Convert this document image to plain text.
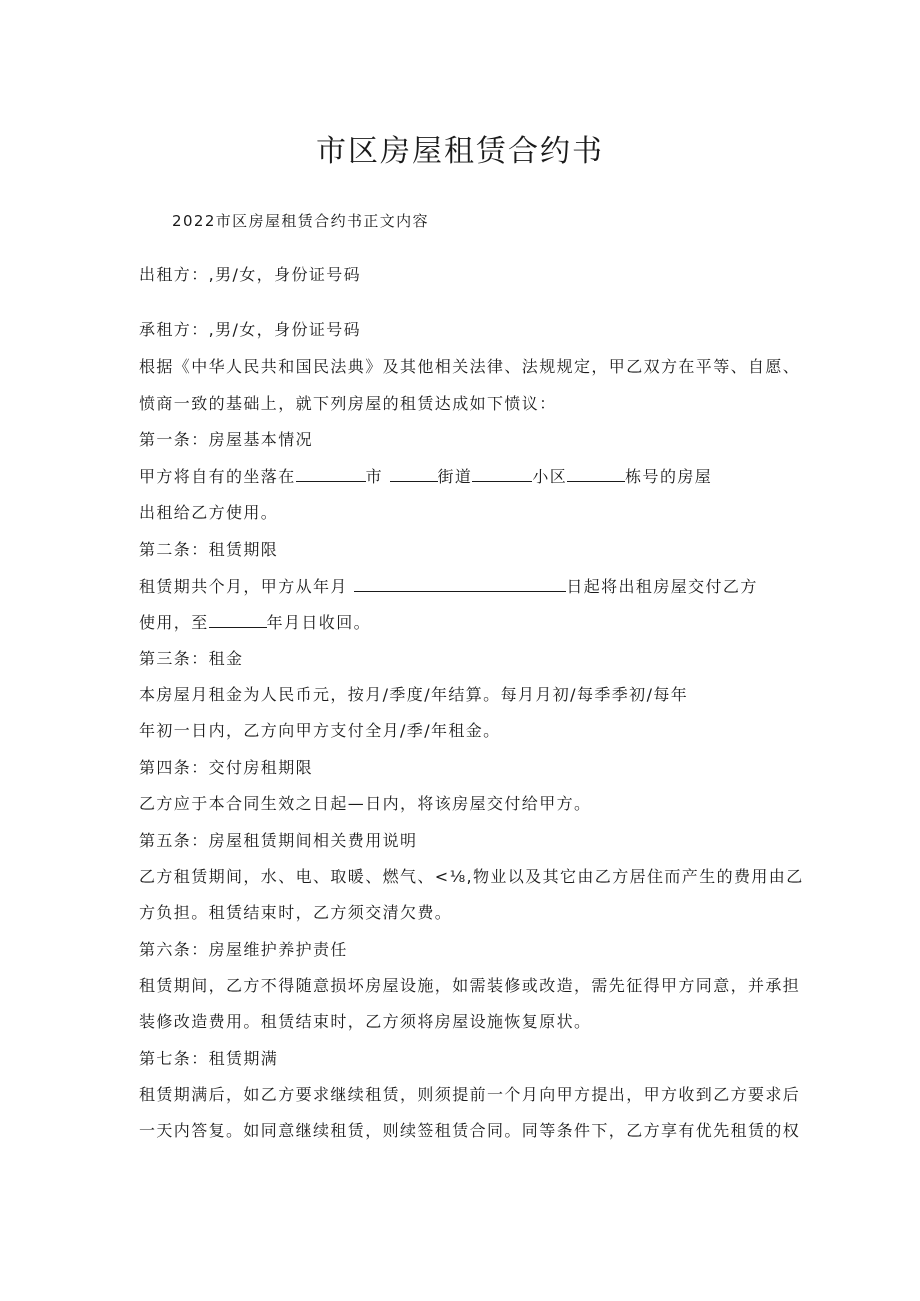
市区房屋租赁合约书

2022市区房屋租赁合约书正文内容

出租方：,男/女，身份证号码

承租方：,男/女，身份证号码

根据《中华人民共和国民法典》及其他相关法律、法规规定，甲乙双方在平等、自愿、

愤商一致的基础上，就下列房屋的租赁达成如下愤议：

第一条：房屋基本情况

甲方将自有的坐落在	市	街道	小区	栋号的房屋

出租给乙方使用。

第二条：租赁期限

租赁期共个月，甲方从年月	日起将出租房屋交付乙方

使用，至	年月日收回。

第三条：租金

本房屋月租金为人民币元，按月/季度/年结算。每月月初/每季季初/每年

年初一日内，乙方向甲方支付全月/季/年租金。

第四条：交付房租期限

乙方应于本合同生效之日起—日内，将该房屋交付给甲方。

第五条：房屋租赁期间相关费用说明

乙方租赁期间，水、电、取暖、燃气、<⅛,物业以及其它由乙方居住而产生的费用由乙

方负担。租赁结束时，乙方须交清欠费。

第六条：房屋维护养护责任

租赁期间，乙方不得随意损坏房屋设施，如需装修或改造，需先征得甲方同意，并承担

装修改造费用。租赁结束时，乙方须将房屋设施恢复原状。

第七条：租赁期满

租赁期满后，如乙方要求继续租赁，则须提前一个月向甲方提出，甲方收到乙方要求后

一天内答复。如同意继续租赁，则续签租赁合同。同等条件下，乙方享有优先租赁的权
